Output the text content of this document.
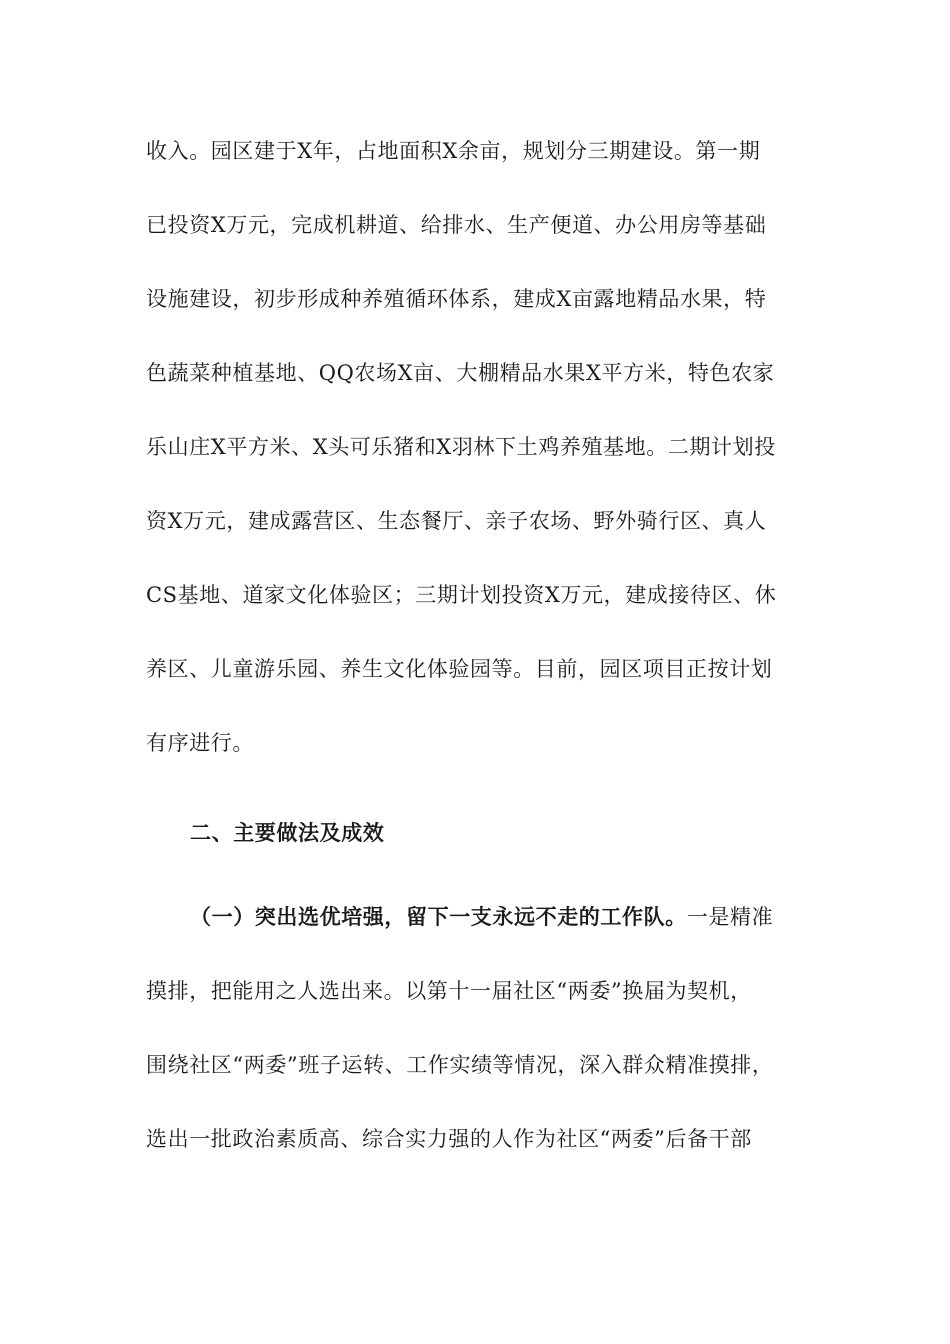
收入。园区建于X年，占地面积X余亩，规划分三期建设。第一期
已投资X万元，完成机耕道、给排水、生产便道、办公用房等基础
设施建设，初步形成种养殖循环体系，建成X亩露地精品水果，特
色蔬菜种植基地、QQ农场X亩、大棚精品水果X平方米，特色农家
乐山庄X平方米、X头可乐猪和X羽林下土鸡养殖基地。二期计划投
资X万元，建成露营区、生态餐厅、亲子农场、野外骑行区、真人
CS基地、道家文化体验区；三期计划投资X万元，建成接待区、休
养区、儿童游乐园、养生文化体验园等。目前，园区项目正按计划
有序进行。
二、主要做法及成效
（一）突出选优培强，留下一支永远不走的工作队。一是精准
摸排，把能用之人选出来。以第十一届社区“两委”换届为契机，
围绕社区“两委”班子运转、工作实绩等情况，深入群众精准摸排，
选出一批政治素质高、综合实力强的人作为社区“两委”后备干部
